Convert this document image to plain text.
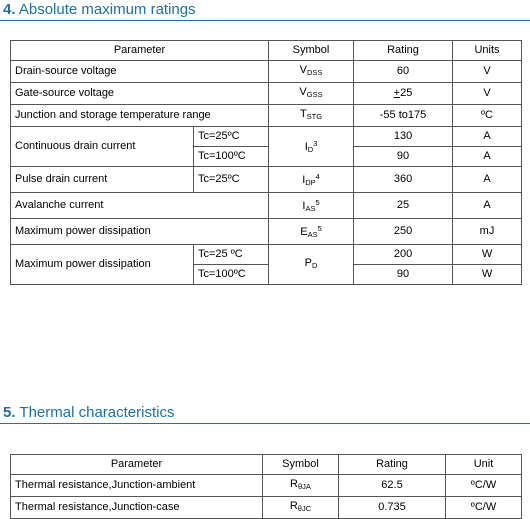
4. Absolute maximum ratings
Parameter		Symbol	Rating	Units
Drain-source voltage		$V_{DSS}$	60	V
Gate-source voltage		$V_{GSS}$	+25	V
Junction and storage temperature range		$T_{STG}$	-55 to175	ºC
Continuous drain current	Tc=25ºC	$I_D^3$	130	A
	Tc=100ºC		90	A
Pulse drain current	Tc=25ºC	$I_{DP}^4$	360	A
Avalanche current		$I_{AS}^5$	25	A
Maximum power dissipation		$E_{AS}^5$	250	mJ
Maximum power dissipation	Tc=25 ºC	$P_D$	200	W
	Tc=100ºC		90	W
5. Thermal characteristics
Parameter	Symbol	Rating	Unit
Thermal resistance,Junction-ambient	$R_{\theta JA}$	62.5	ºC/W
Thermal resistance,Junction-case	$R_{\theta JC}$	0.735	ºC/W
